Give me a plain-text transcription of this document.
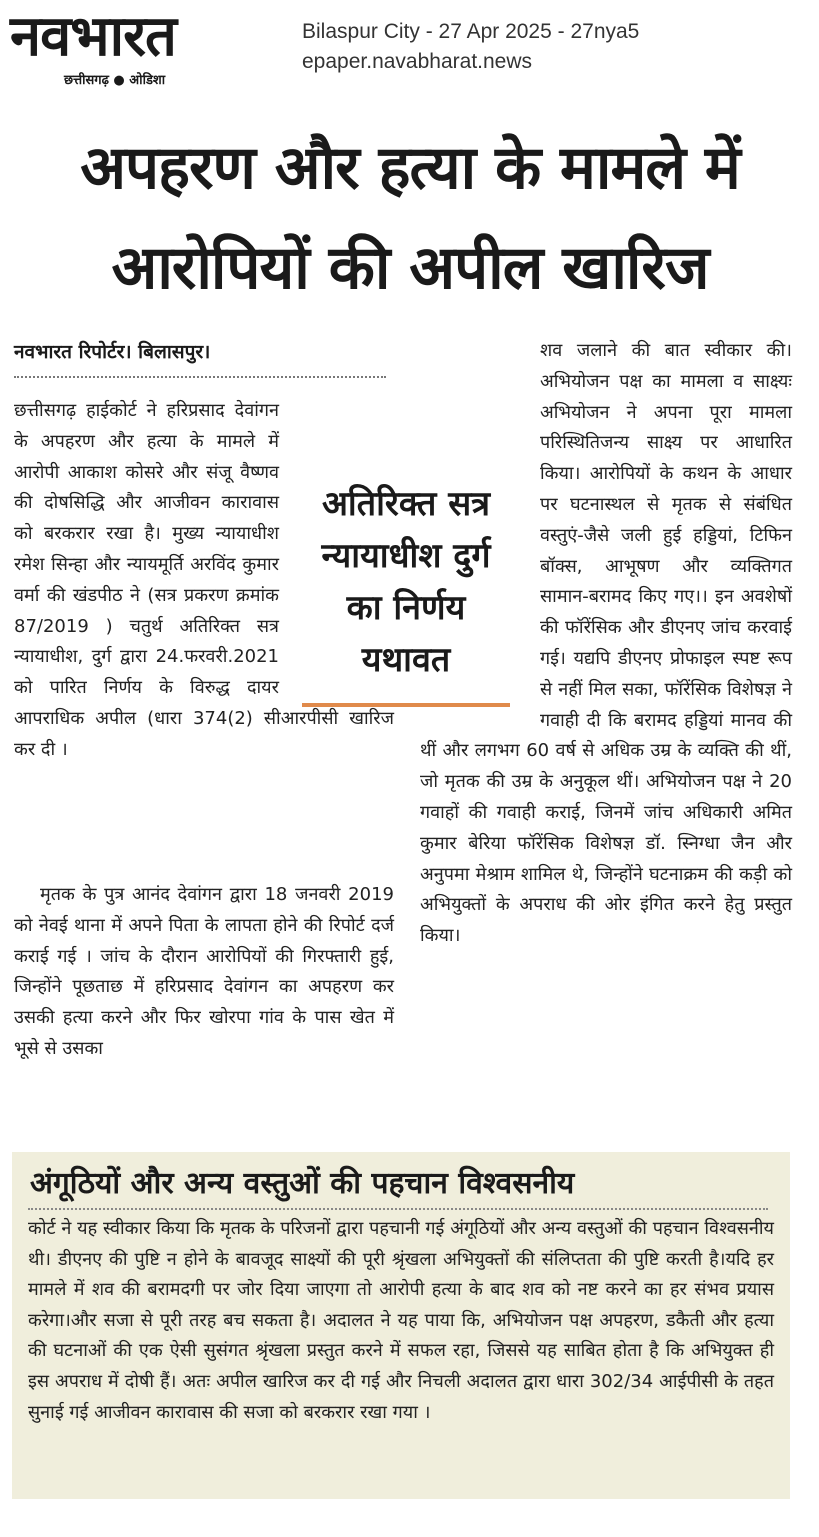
नवभारत
छत्तीसगढ़ ● ओडिशा
Bilaspur City - 27 Apr 2025 - 27nya5
epaper.navabharat.news
अपहरण और हत्या के मामले में आरोपियों की अपील खारिज
नवभारत रिपोर्टर। बिलासपुर।
छत्तीसगढ़ हाईकोर्ट ने हरिप्रसाद देवांगन के अपहरण और हत्या के मामले में आरोपी आकाश कोसरे और संजू वैष्णव की दोषसिद्धि और आजीवन कारावास को बरकरार रखा है। मुख्य न्यायाधीश रमेश सिन्हा और न्यायमूर्ति अरविंद कुमार वर्मा की खंडपीठ ने (सत्र प्रकरण क्रमांक 87/2019 ) चतुर्थ अतिरिक्त सत्र न्यायाधीश, दुर्ग द्वारा 24.फरवरी.2021 को पारित निर्णय के विरुद्ध दायर आपराधिक अपील (धारा 374(2) सीआरपीसी खारिज कर दी ।

मृतक के पुत्र आनंद देवांगन द्वारा 18 जनवरी 2019 को नेवई थाना में अपने पिता के लापता होने की रिपोर्ट दर्ज कराई गई । जांच के दौरान आरोपियों की गिरफ्तारी हुई, जिन्होंने पूछताछ में हरिप्रसाद देवांगन का अपहरण कर उसकी हत्या करने और फिर खोरपा गांव के पास खेत में भूसे से उसका

शव जलाने की बात स्वीकार की। अभियोजन पक्ष का मामला व साक्ष्यः अभियोजन ने अपना पूरा मामला परिस्थितिजन्य साक्ष्य पर आधारित किया। आरोपियों के कथन के आधार पर घटनास्थल से मृतक से संबंधित वस्तुएं-जैसे जली हुई हड्डियां, टिफिन बॉक्स, आभूषण और व्यक्तिगत सामान-बरामद किए गए।। इन अवशेषों की फॉरेंसिक और डीएनए जांच करवाई गई। यद्यपि डीएनए प्रोफाइल स्पष्ट रूप से नहीं मिल सका, फॉरेंसिक विशेषज्ञ ने गवाही दी कि बरामद हड्डियां मानव की थीं और लगभग 60 वर्ष से अधिक उम्र के व्यक्ति की थीं, जो मृतक की उम्र के अनुकूल थीं। अभियोजन पक्ष ने 20 गवाहों की गवाही कराई, जिनमें जांच अधिकारी अमित कुमार बेरिया फॉरेंसिक विशेषज्ञ डॉ. स्निग्धा जैन और अनुपमा मेश्राम शामिल थे, जिन्होंने घटनाक्रम की कड़ी को अभियुक्तों के अपराध की ओर इंगित करने हेतु प्रस्तुत किया।

अतिरिक्त सत्र न्यायाधीश दुर्ग का निर्णय यथावत

अंगूठियों और अन्य वस्तुओं की पहचान विश्वसनीय

कोर्ट ने यह स्वीकार किया कि मृतक के परिजनों द्वारा पहचानी गई अंगूठियों और अन्य वस्तुओं की पहचान विश्वसनीय थी। डीएनए की पुष्टि न होने के बावजूद साक्ष्यों की पूरी श्रृंखला अभियुक्तों की संलिप्तता की पुष्टि करती है।यदि हर मामले में शव की बरामदगी पर जोर दिया जाएगा तो आरोपी हत्या के बाद शव को नष्ट करने का हर संभव प्रयास करेगा।और सजा से पूरी तरह बच सकता है। अदालत ने यह पाया कि, अभियोजन पक्ष अपहरण, डकैती और हत्या की घटनाओं की एक ऐसी सुसंगत श्रृंखला प्रस्तुत करने में सफल रहा, जिससे यह साबित होता है कि अभियुक्त ही इस अपराध में दोषी हैं। अतः अपील खारिज कर दी गई और निचली अदालत द्वारा धारा 302/34 आईपीसी के तहत सुनाई गई आजीवन कारावास की सजा को बरकरार रखा गया ।
